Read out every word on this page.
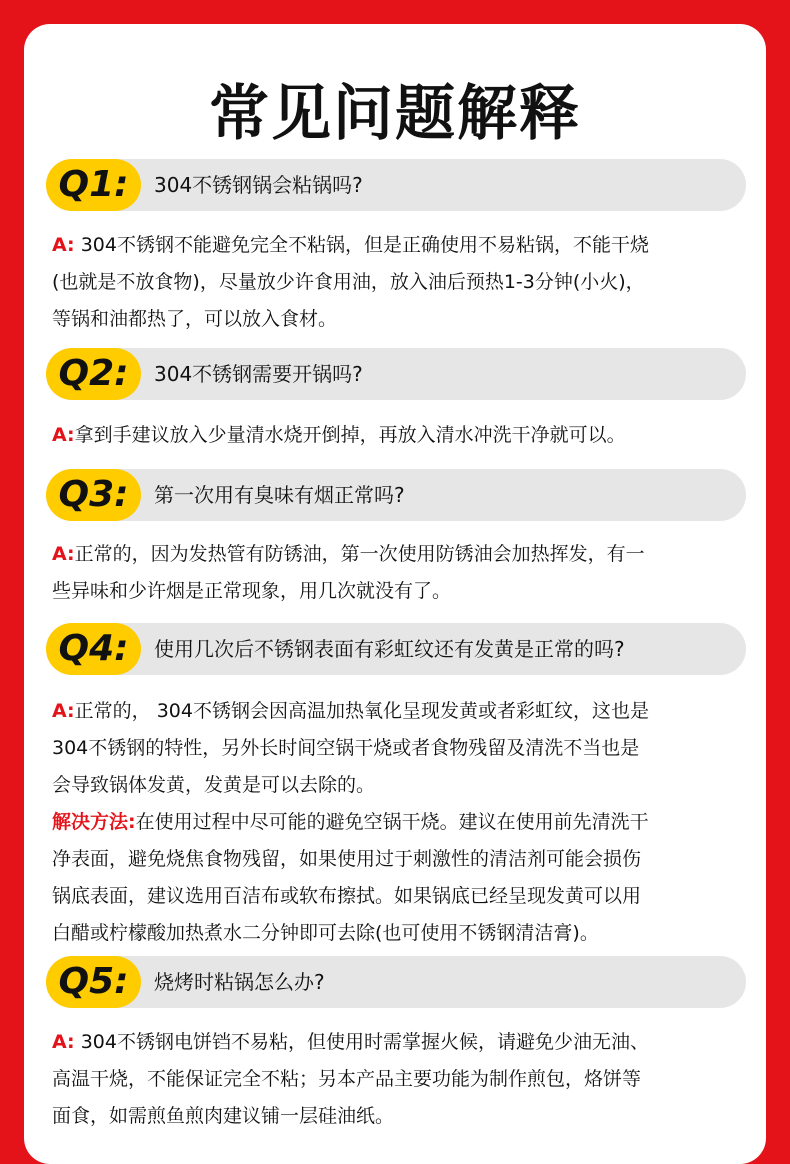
常见问题解释
Q1:	304不锈钢锅会粘锅吗?
A: 304不锈钢不能避免完全不粘锅，但是正确使用不易粘锅，不能干烧
(也就是不放食物)，尽量放少许食用油，放入油后预热1-3分钟(小火)，
等锅和油都热了，可以放入食材。
Q2:	304不锈钢需要开锅吗?
A:拿到手建议放入少量清水烧开倒掉，再放入清水冲洗干净就可以。
Q3:	第一次用有臭味有烟正常吗?
A:正常的，因为发热管有防锈油，第一次使用防锈油会加热挥发，有一
些异味和少许烟是正常现象，用几次就没有了。
Q4:	使用几次后不锈钢表面有彩虹纹还有发黄是正常的吗?
A:正常的， 304不锈钢会因高温加热氧化呈现发黄或者彩虹纹，这也是
304不锈钢的特性，另外长时间空锅干烧或者食物残留及清洗不当也是
会导致锅体发黄，发黄是可以去除的。
解决方法:在使用过程中尽可能的避免空锅干烧。建议在使用前先清洗干
净表面，避免烧焦食物残留，如果使用过于刺激性的清洁剂可能会损伤
锅底表面，建议选用百洁布或软布擦拭。如果锅底已经呈现发黄可以用
白醋或柠檬酸加热煮水二分钟即可去除(也可使用不锈钢清洁膏)。
Q5:	烧烤时粘锅怎么办?
A: 304不锈钢电饼铛不易粘，但使用时需掌握火候，请避免少油无油、
高温干烧，不能保证完全不粘；另本产品主要功能为制作煎包，烙饼等
面食，如需煎鱼煎肉建议铺一层硅油纸。
